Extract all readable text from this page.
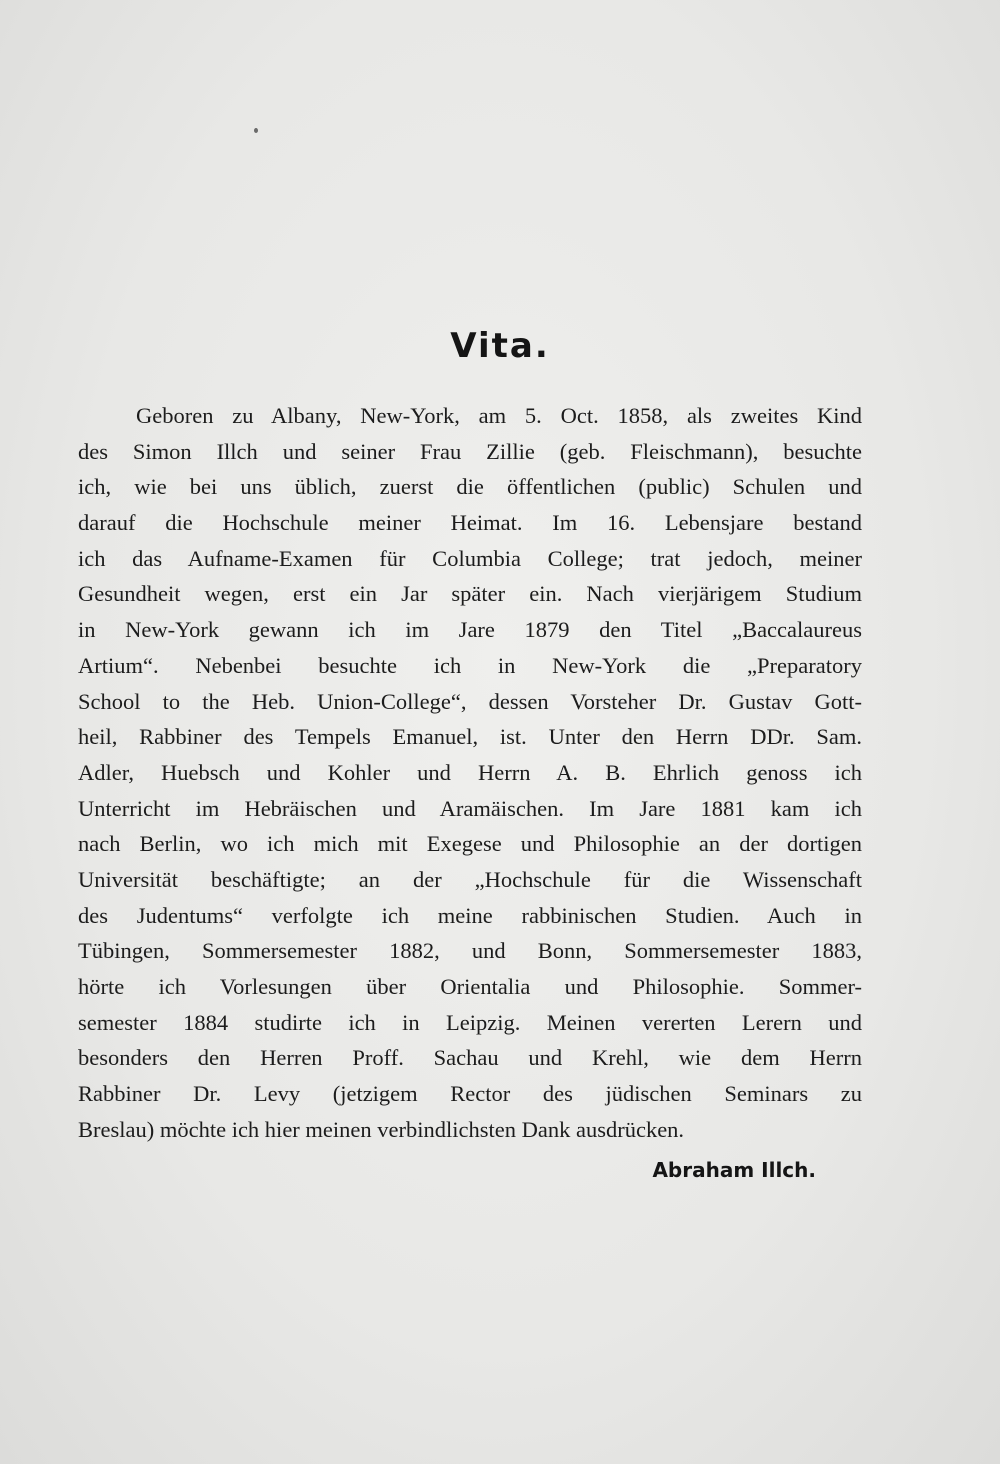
Vita.
Geboren zu Albany, New-York, am 5. Oct. 1858, als zweites Kind
des Simon Illch und seiner Frau Zillie (geb. Fleischmann), besuchte
ich, wie bei uns üblich, zuerst die öffentlichen (public) Schulen und
darauf die Hochschule meiner Heimat. Im 16. Lebensjare bestand
ich das Aufname-Examen für Columbia College; trat jedoch, meiner
Gesundheit wegen, erst ein Jar später ein. Nach vierjärigem Studium
in New-York gewann ich im Jare 1879 den Titel „Baccalaureus
Artium“. Nebenbei besuchte ich in New-York die „Preparatory
School to the Heb. Union-College“, dessen Vorsteher Dr. Gustav Gott-
heil, Rabbiner des Tempels Emanuel, ist. Unter den Herrn DDr. Sam.
Adler, Huebsch und Kohler und Herrn A. B. Ehrlich genoss ich
Unterricht im Hebräischen und Aramäischen. Im Jare 1881 kam ich
nach Berlin, wo ich mich mit Exegese und Philosophie an der dortigen
Universität beschäftigte; an der „Hochschule für die Wissenschaft
des Judentums“ verfolgte ich meine rabbinischen Studien. Auch in
Tübingen, Sommersemester 1882, und Bonn, Sommersemester 1883,
hörte ich Vorlesungen über Orientalia und Philosophie. Sommer-
semester 1884 studirte ich in Leipzig. Meinen vererten Lerern und
besonders den Herren Proff. Sachau und Krehl, wie dem Herrn
Rabbiner Dr. Levy (jetzigem Rector des jüdischen Seminars zu
Breslau) möchte ich hier meinen verbindlichsten Dank ausdrücken.
Abraham Illch.
